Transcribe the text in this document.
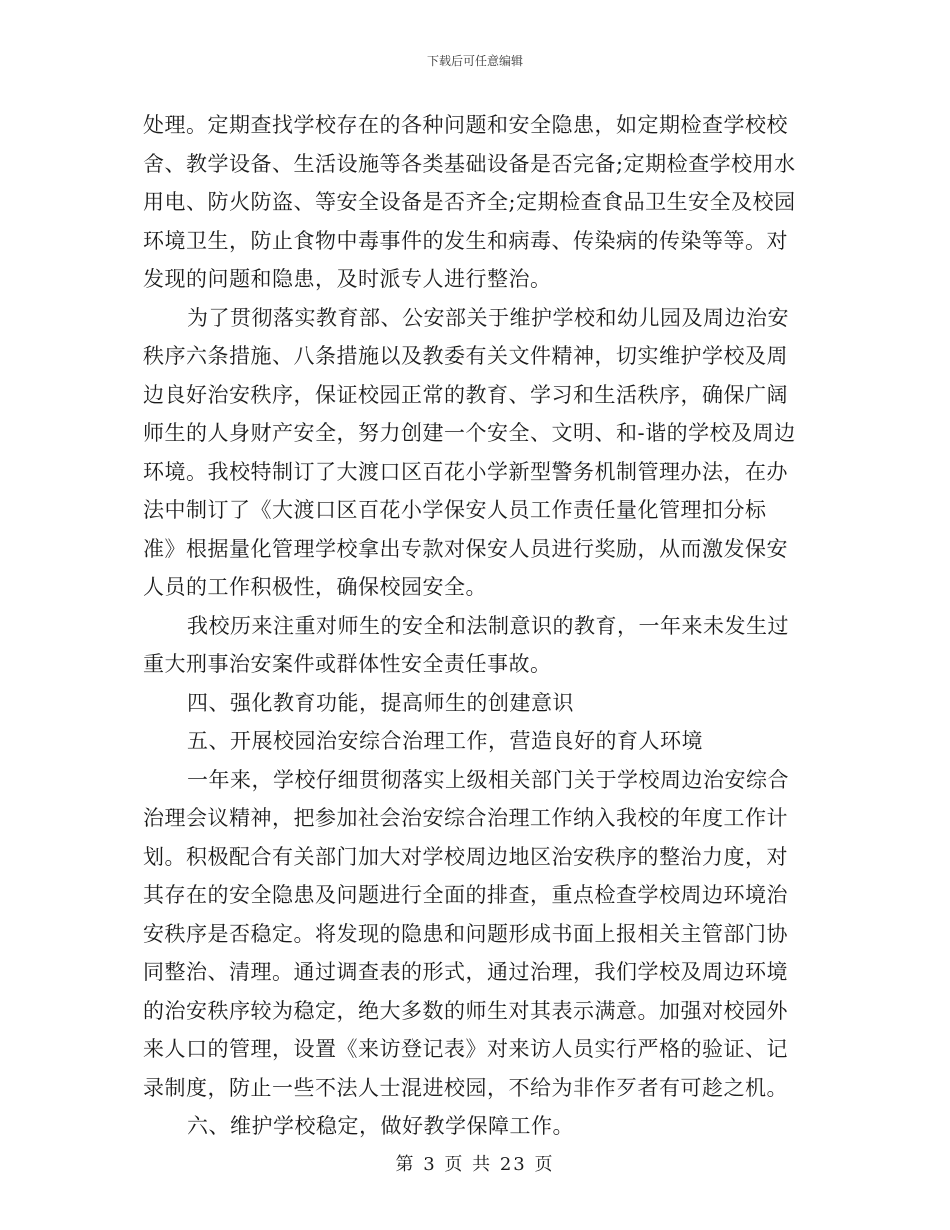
下载后可任意编辑
处理。定期查找学校存在的各种问题和安全隐患，如定期检查学校校
舍、教学设备、生活设施等各类基础设备是否完备;定期检查学校用水
用电、防火防盗、等安全设备是否齐全;定期检查食品卫生安全及校园
环境卫生，防止食物中毒事件的发生和病毒、传染病的传染等等。对
发现的问题和隐患，及时派专人进行整治。
为了贯彻落实教育部、公安部关于维护学校和幼儿园及周边治安
秩序六条措施、八条措施以及教委有关文件精神，切实维护学校及周
边良好治安秩序，保证校园正常的教育、学习和生活秩序，确保广阔
师生的人身财产安全，努力创建一个安全、文明、和-谐的学校及周边
环境。我校特制订了大渡口区百花小学新型警务机制管理办法，在办
法中制订了《大渡口区百花小学保安人员工作责任量化管理扣分标
准》根据量化管理学校拿出专款对保安人员进行奖励，从而激发保安
人员的工作积极性，确保校园安全。
我校历来注重对师生的安全和法制意识的教育，一年来未发生过
重大刑事治安案件或群体性安全责任事故。
四、强化教育功能，提高师生的创建意识
五、开展校园治安综合治理工作，营造良好的育人环境
一年来，学校仔细贯彻落实上级相关部门关于学校周边治安综合
治理会议精神，把参加社会治安综合治理工作纳入我校的年度工作计
划。积极配合有关部门加大对学校周边地区治安秩序的整治力度，对
其存在的安全隐患及问题进行全面的排查，重点检查学校周边环境治
安秩序是否稳定。将发现的隐患和问题形成书面上报相关主管部门协
同整治、清理。通过调查表的形式，通过治理，我们学校及周边环境
的治安秩序较为稳定，绝大多数的师生对其表示满意。加强对校园外
来人口的管理，设置《来访登记表》对来访人员实行严格的验证、记
录制度，防止一些不法人士混进校园，不给为非作歹者有可趁之机。
六、维护学校稳定，做好教学保障工作。
第 3 页 共 23 页
